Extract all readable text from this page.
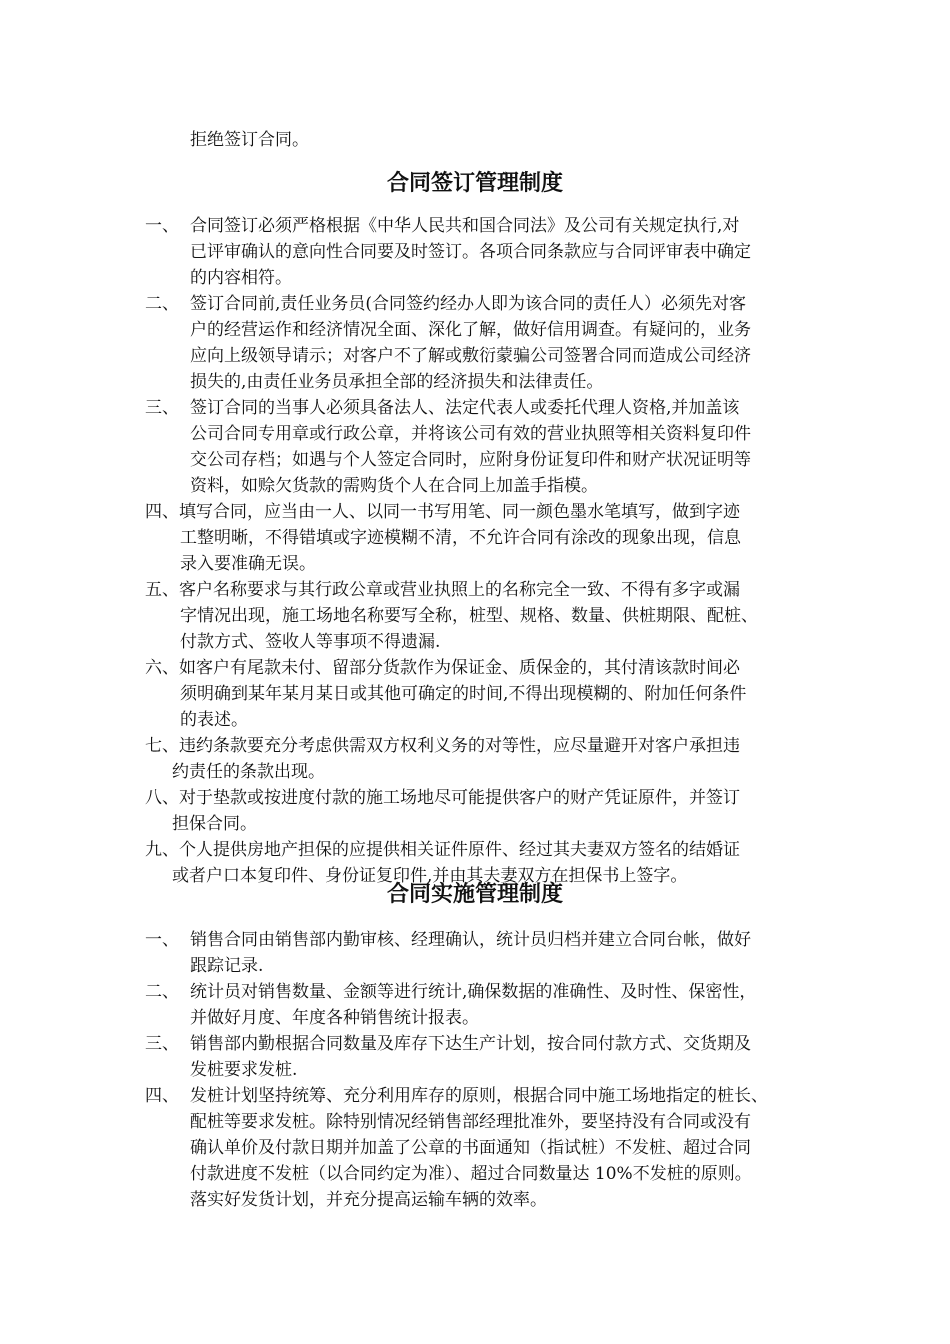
拒绝签订合同。
合同签订管理制度
一、 合同签订必须严格根据《中华人民共和国合同法》及公司有关规定执行,对
已评审确认的意向性合同要及时签订。各项合同条款应与合同评审表中确定
的内容相符。
二、 签订合同前,责任业务员(合同签约经办人即为该合同的责任人）必须先对客
户的经营运作和经济情况全面、深化了解，做好信用调查。有疑问的，业务
应向上级领导请示；对客户不了解或敷衍蒙骗公司签署合同而造成公司经济
损失的,由责任业务员承担全部的经济损失和法律责任。
三、 签订合同的当事人必须具备法人、法定代表人或委托代理人资格,并加盖该
公司合同专用章或行政公章，并将该公司有效的营业执照等相关资料复印件
交公司存档；如遇与个人签定合同时，应附身份证复印件和财产状况证明等
资料，如赊欠货款的需购货个人在合同上加盖手指模。
四、填写合同，应当由一人、以同一书写用笔、同一颜色墨水笔填写，做到字迹
工整明晰，不得错填或字迹模糊不清，不允许合同有涂改的现象出现，信息
录入要准确无误。
五、客户名称要求与其行政公章或营业执照上的名称完全一致、不得有多字或漏
字情况出现，施工场地名称要写全称，桩型、规格、数量、供桩期限、配桩、
付款方式、签收人等事项不得遗漏.
六、如客户有尾款未付、留部分货款作为保证金、质保金的，其付清该款时间必
须明确到某年某月某日或其他可确定的时间,不得出现模糊的、附加任何条件
的表述。
七、违约条款要充分考虑供需双方权利义务的对等性，应尽量避开对客户承担违
约责任的条款出现。
八、对于垫款或按进度付款的施工场地尽可能提供客户的财产凭证原件，并签订
担保合同。
九、个人提供房地产担保的应提供相关证件原件、经过其夫妻双方签名的结婚证
或者户口本复印件、身份证复印件,并由其夫妻双方在担保书上签字。
合同实施管理制度
一、 销售合同由销售部内勤审核、经理确认，统计员归档并建立合同台帐，做好
跟踪记录.
二、 统计员对销售数量、金额等进行统计,确保数据的准确性、及时性、保密性，
并做好月度、年度各种销售统计报表。
三、 销售部内勤根据合同数量及库存下达生产计划，按合同付款方式、交货期及
发桩要求发桩.
四、 发桩计划坚持统筹、充分利用库存的原则，根据合同中施工场地指定的桩长、
配桩等要求发桩。除特别情况经销售部经理批准外，要坚持没有合同或没有
确认单价及付款日期并加盖了公章的书面通知（指试桩）不发桩、超过合同
付款进度不发桩（以合同约定为准）、超过合同数量达 10%不发桩的原则。
落实好发货计划，并充分提高运输车辆的效率。
